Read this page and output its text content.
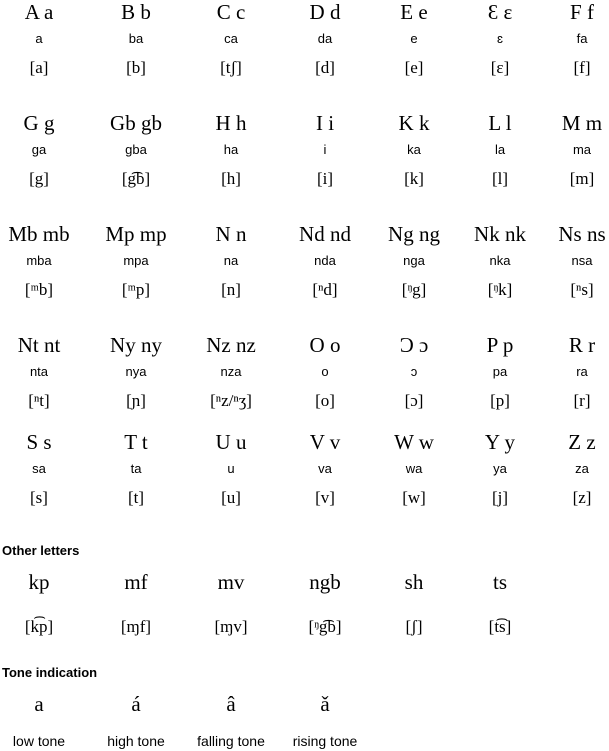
A a
a
[a]
B b
ba
[b]
C c
ca
[tʃ]
D d
da
[d]
E e
e
[e]
Ɛ ɛ
ɛ
[ɛ]
F f
fa
[f]
G g
ga
[g]
Gb gb
gba
[g͡b]
H h
ha
[h]
I i
i
[i]
K k
ka
[k]
L l
la
[l]
M m
ma
[m]
Mb mb
mba
[ᵐb]
Mp mp
mpa
[ᵐp]
N n
na
[n]
Nd nd
nda
[ⁿd]
Ng ng
nga
[ᵑg]
Nk nk
nka
[ᵑk]
Ns ns
nsa
[ⁿs]
Nt nt
nta
[ⁿt]
Ny ny
nya
[ɲ]
Nz nz
nza
[ⁿz/ⁿʒ]
O o
o
[o]
Ɔ ɔ
ɔ
[ɔ]
P p
pa
[p]
R r
ra
[r]
S s
sa
[s]
T t
ta
[t]
U u
u
[u]
V v
va
[v]
W w
wa
[w]
Y y
ya
[j]
Z z
za
[z]
Other letters
kp
[k͡p]
mf
[ɱf]
mv
[ɱv]
ngb
[ᵑg͡b]
sh
[ʃ]
ts
[t͡s]
Tone indication
a
low tone
á
high tone
â
falling tone
ǎ
rising tone
